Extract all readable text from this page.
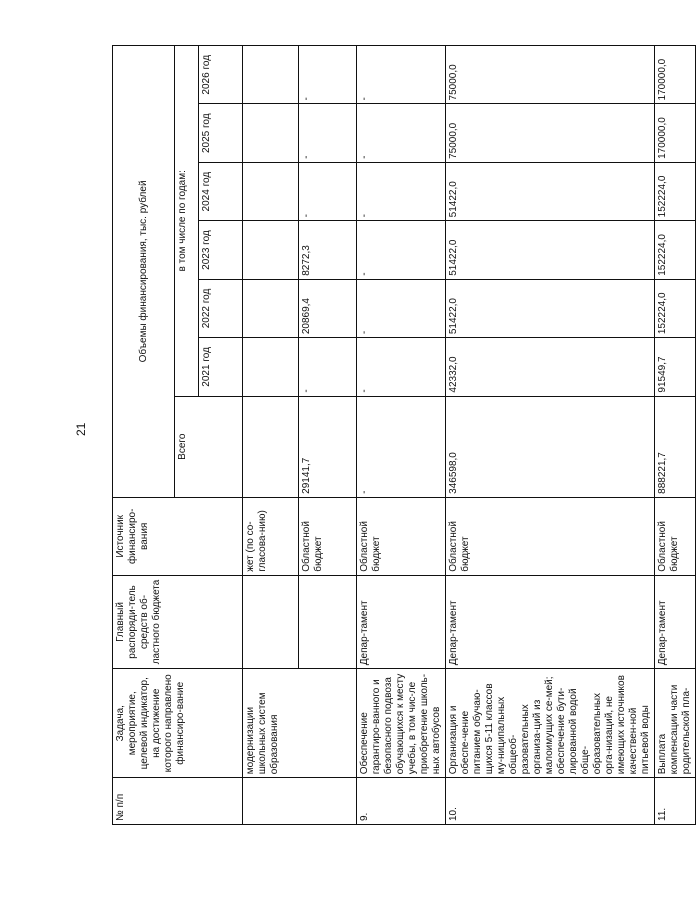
21
№ п/п	Задача, мероприятие, целевой индикатор, на достижение которого направлено финансиро-вание	Главный распоряди-тель средств об-ластного бюджета	Источник финансиро-вания	Объемы финансирования, тыс. рублей						
				Всего	в том числе по годам:					
					2021 год	2022 год	2023 год	2024 год	2025 год	2026 год
	модернизации школьных систем образования		жет (по со-гласова-нию)							
			Областной бюджет	29141,7	-	20869,4	8272,3	-	-	-
9.	Обеспечение гарантиро-ванного и безопасного подвоза обучающихся к месту учебы, в том чис-ле приобретение школь-ных автобусов	Депар-тамент	Областной бюджет	-	-	-	-	-	-	-
10.	Организация и обеспе-чение питанием обучаю-щихся 5-11 классов му-ниципальных общеоб-разовательных организа-ций из малоимущих се-мей; обеспечение бути-лированной водой обще-образовательных орга-низаций, не имеющих источников качествен-ной питьевой воды	Депар-тамент	Областной бюджет	346598,0	42332,0	51422,0	51422,0	51422,0	75000,0	75000,0
11.	Выплата компенсации части родительской пла-	Депар-тамент	Областной бюджет	888221,7	91549,7	152224,0	152224,0	152224,0	170000,0	170000,0
